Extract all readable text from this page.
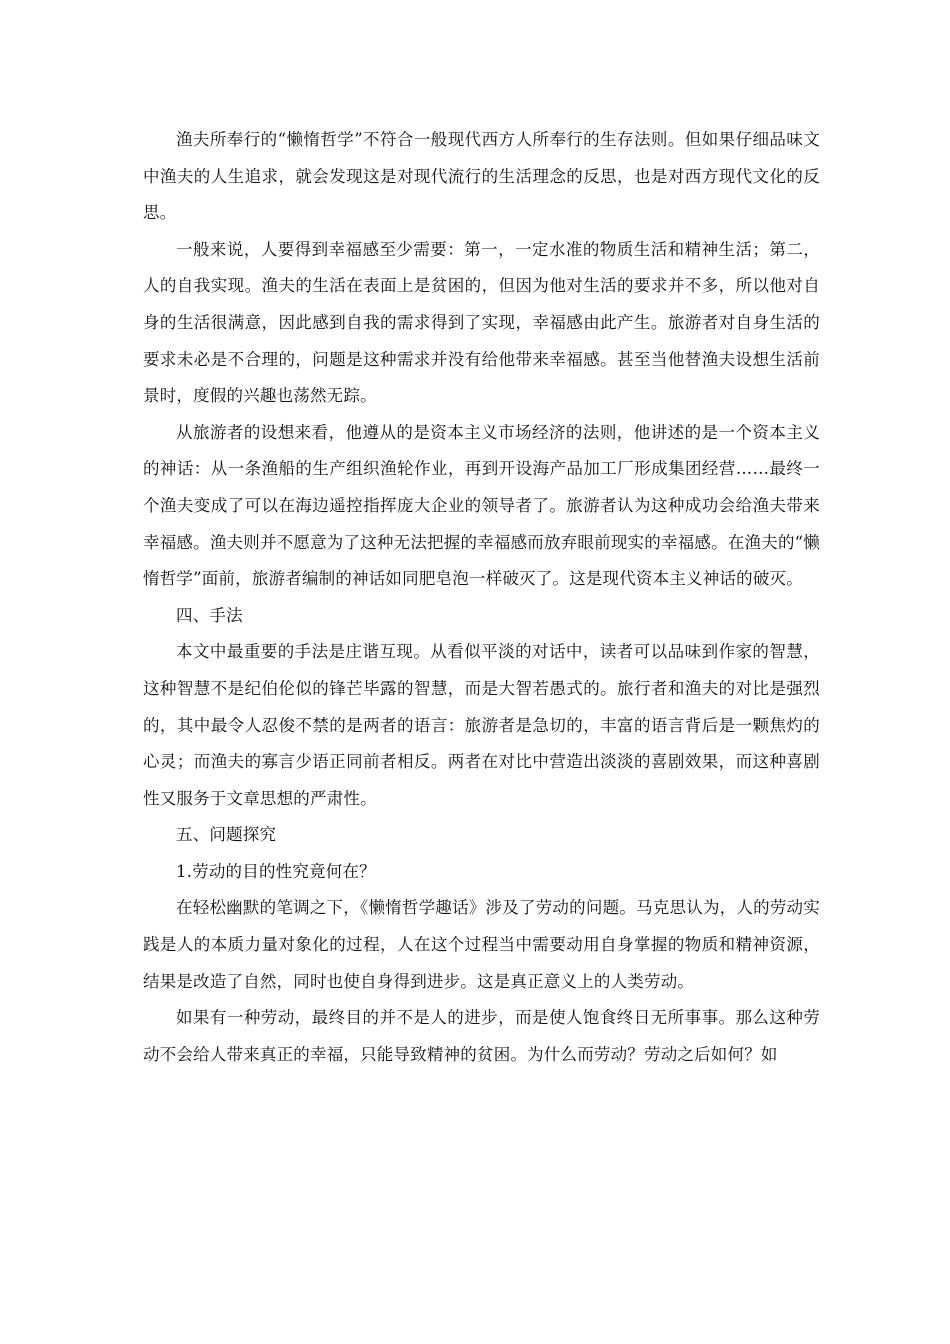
渔夫所奉行的“懒惰哲学”不符合一般现代西方人所奉行的生存法则。但如果仔细品味文中渔夫的人生追求，就会发现这是对现代流行的生活理念的反思，也是对西方现代文化的反思。

一般来说，人要得到幸福感至少需要：第一，一定水准的物质生活和精神生活；第二，人的自我实现。渔夫的生活在表面上是贫困的，但因为他对生活的要求并不多，所以他对自身的生活很满意，因此感到自我的需求得到了实现，幸福感由此产生。旅游者对自身生活的要求未必是不合理的，问题是这种需求并没有给他带来幸福感。甚至当他替渔夫设想生活前景时，度假的兴趣也荡然无踪。

从旅游者的设想来看，他遵从的是资本主义市场经济的法则，他讲述的是一个资本主义的神话：从一条渔船的生产组织渔轮作业，再到开设海产品加工厂形成集团经营……最终一个渔夫变成了可以在海边遥控指挥庞大企业的领导者了。旅游者认为这种成功会给渔夫带来幸福感。渔夫则并不愿意为了这种无法把握的幸福感而放弃眼前现实的幸福感。在渔夫的“懒惰哲学”面前，旅游者编制的神话如同肥皂泡一样破灭了。这是现代资本主义神话的破灭。

四、手法

本文中最重要的手法是庄谐互现。从看似平淡的对话中，读者可以品味到作家的智慧，这种智慧不是纪伯伦似的锋芒毕露的智慧，而是大智若愚式的。旅行者和渔夫的对比是强烈的，其中最令人忍俊不禁的是两者的语言：旅游者是急切的，丰富的语言背后是一颗焦灼的心灵；而渔夫的寡言少语正同前者相反。两者在对比中营造出淡淡的喜剧效果，而这种喜剧性又服务于文章思想的严肃性。

五、问题探究

1.劳动的目的性究竟何在？

在轻松幽默的笔调之下，《懒惰哲学趣话》涉及了劳动的问题。马克思认为，人的劳动实践是人的本质力量对象化的过程，人在这个过程当中需要动用自身掌握的物质和精神资源，结果是改造了自然，同时也使自身得到进步。这是真正意义上的人类劳动。

如果有一种劳动，最终目的并不是人的进步，而是使人饱食终日无所事事。那么这种劳动不会给人带来真正的幸福，只能导致精神的贫困。为什么而劳动？劳动之后如何？如
